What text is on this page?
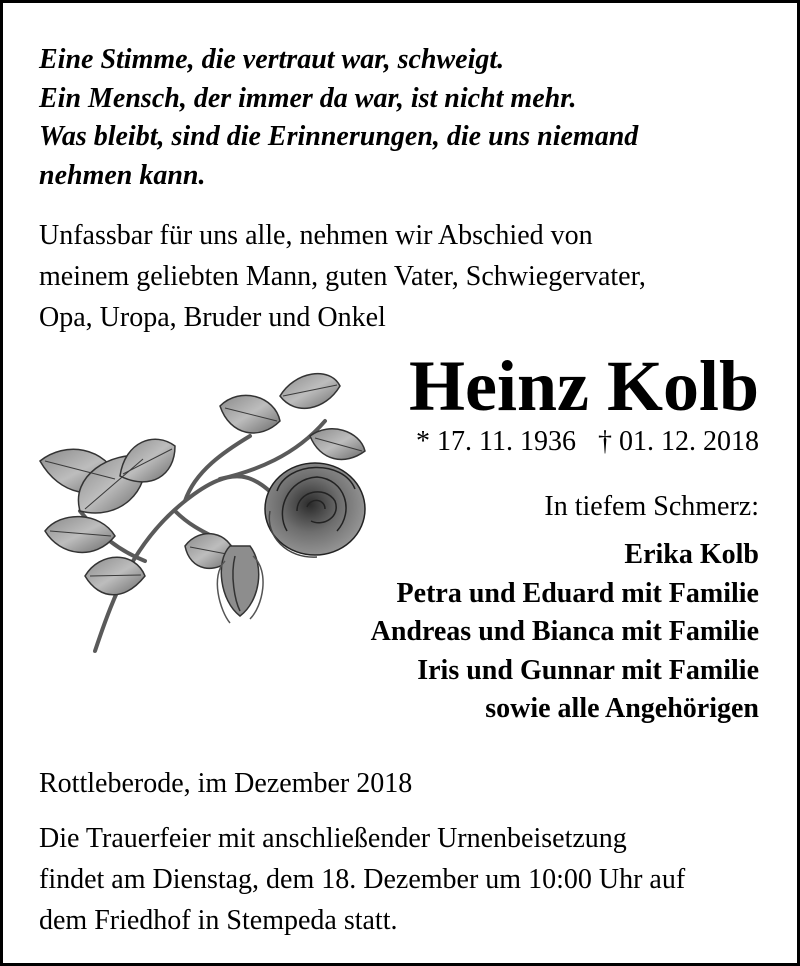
Eine Stimme, die vertraut war, schweigt.
Ein Mensch, der immer da war, ist nicht mehr.
Was bleibt, sind die Erinnerungen, die uns niemand
nehmen kann.
Unfassbar für uns alle, nehmen wir Abschied von
meinem geliebten Mann, guten Vater, Schwiegervater,
Opa, Uropa, Bruder und Onkel
Heinz Kolb
* 17. 11. 1936 † 01. 12. 2018
In tiefem Schmerz:
Erika Kolb
Petra und Eduard mit Familie
Andreas und Bianca mit Familie
Iris und Gunnar mit Familie
sowie alle Angehörigen
Rottleberode, im Dezember 2018
Die Trauerfeier mit anschließender Urnenbeisetzung
findet am Dienstag, dem 18. Dezember um 10:00 Uhr auf
dem Friedhof in Stempeda statt.
